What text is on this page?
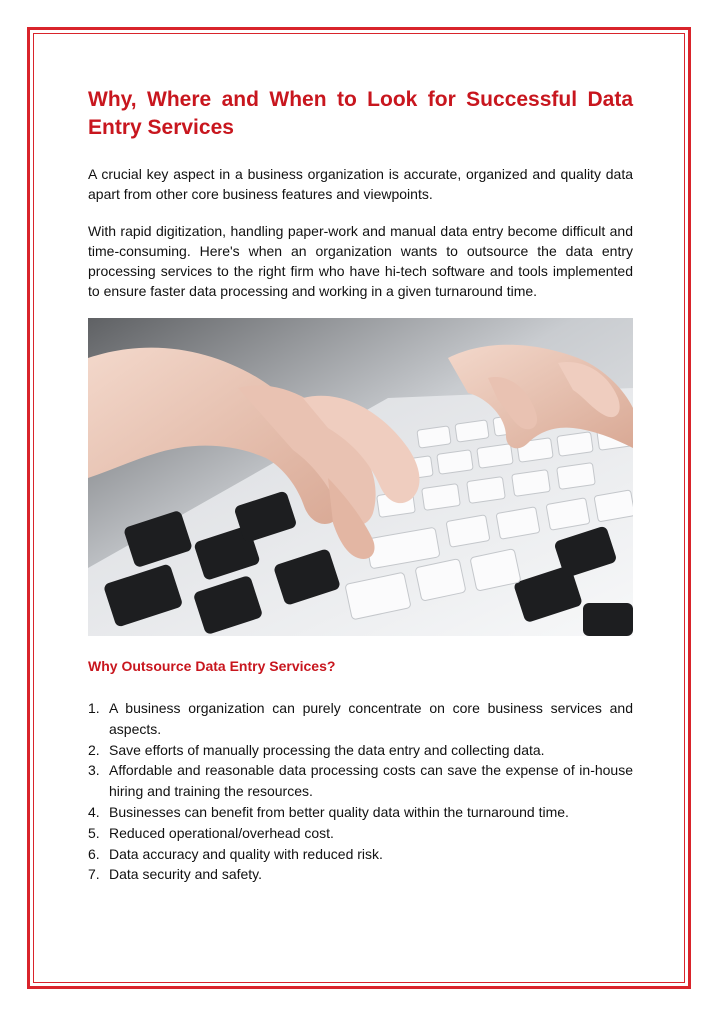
Why, Where and When to Look for Successful Data Entry Services

A crucial key aspect in a business organization is accurate, organized and quality data apart from other core business features and viewpoints.

With rapid digitization, handling paper-work and manual data entry become difficult and time-consuming. Here's when an organization wants to outsource the data entry processing services to the right firm who have hi-tech software and tools implemented to ensure faster data processing and working in a given turnaround time.

Why Outsource Data Entry Services?
1. A business organization can purely concentrate on core business services and aspects.
2. Save efforts of manually processing the data entry and collecting data.
3. Affordable and reasonable data processing costs can save the expense of in-house hiring and training the resources.
4. Businesses can benefit from better quality data within the turnaround time.
5. Reduced operational/overhead cost.
6. Data accuracy and quality with reduced risk.
7. Data security and safety.
